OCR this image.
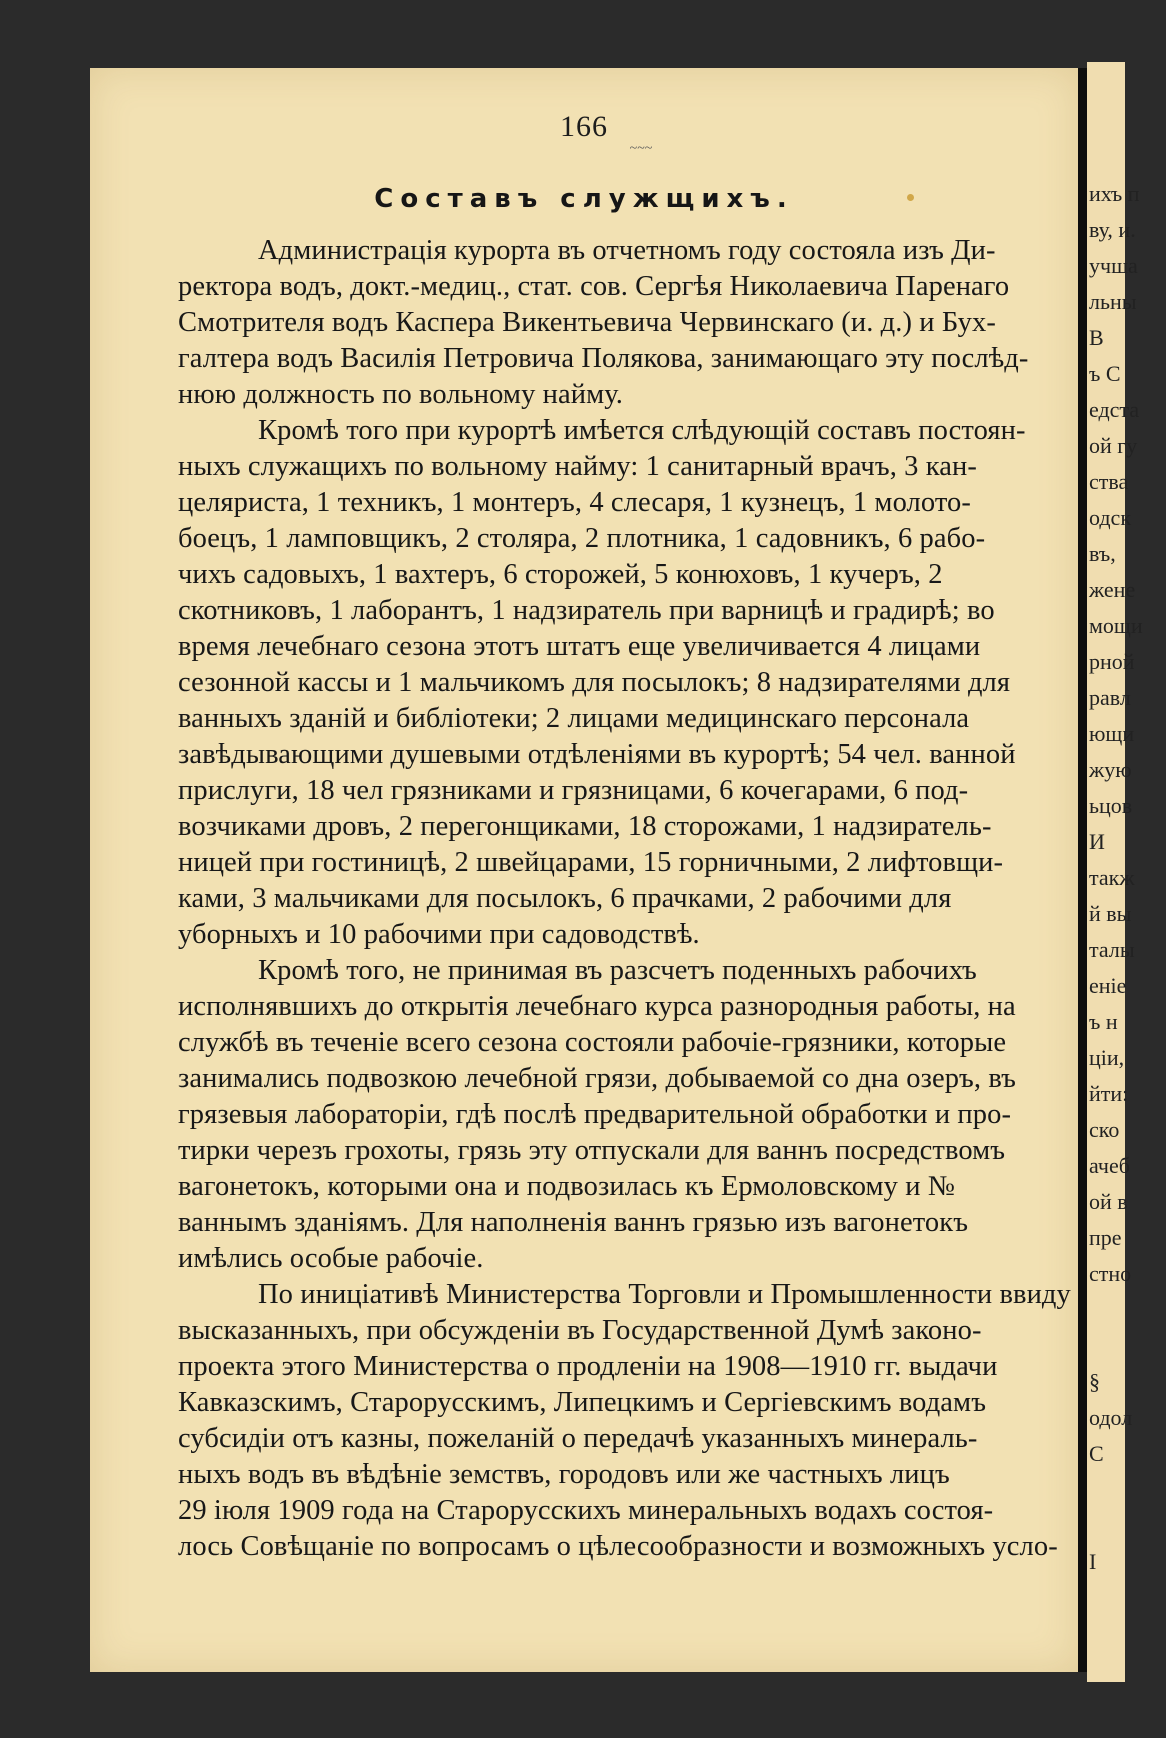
166
~~~
Составъ служщихъ.
Администрація курорта въ отчетномъ году состояла изъ Ди-
ректора водъ, докт.-медиц., стат. сов. Сергѣя Николаевича Паренаго
Смотрителя водъ Каспера Викентьевича Червинскаго (и. д.) и Бух-
галтера водъ Василія Петровича Полякова, занимающаго эту послѣд-
нюю должность по вольному найму.
Кромѣ того при курортѣ имѣется слѣдующій составъ постоян-
ныхъ служащихъ по вольному найму: 1 санитарный врачъ, 3 кан-
целяриста, 1 техникъ, 1 монтеръ, 4 слесаря, 1 кузнецъ, 1 молото-
боецъ, 1 ламповщикъ, 2 столяра, 2 плотника, 1 садовникъ, 6 рабо-
чихъ садовыхъ, 1 вахтеръ, 6 сторожей, 5 конюховъ, 1 кучеръ, 2
скотниковъ, 1 лаборантъ, 1 надзиратель при варницѣ и градирѣ; во
время лечебнаго сезона этотъ штатъ еще увеличивается 4 лицами
сезонной кассы и 1 мальчикомъ для посылокъ; 8 надзирателями для
ванныхъ зданій и библіотеки; 2 лицами медицинскаго персонала
завѣдывающими душевыми отдѣленіями въ курортѣ; 54 чел. ванной
прислуги, 18 чел грязниками и грязницами, 6 кочегарами, 6 под-
возчиками дровъ, 2 перегонщиками, 18 сторожами, 1 надзиратель-
ницей при гостиницѣ, 2 швейцарами, 15 горничными, 2 лифтовщи-
ками, 3 мальчиками для посылокъ, 6 прачками, 2 рабочими для
уборныхъ и 10 рабочими при садоводствѣ.
Кромѣ того, не принимая въ разсчетъ поденныхъ рабочихъ
исполнявшихъ до открытія лечебнаго курса разнородныя работы, на
службѣ въ теченіе всего сезона состояли рабочіе-грязники, которые
занимались подвозкою лечебной грязи, добываемой со дна озеръ, въ
грязевыя лабораторіи, гдѣ послѣ предварительной обработки и про-
тирки черезъ грохоты, грязь эту отпускали для ваннъ посредствомъ
вагонетокъ, которыми она и подвозилась къ Ермоловскому и №
ваннымъ зданіямъ. Для наполненія ваннъ грязью изъ вагонетокъ
имѣлись особые рабочіе.
По иниціативѣ Министерства Торговли и Промышленности ввиду
высказанныхъ, при обсужденіи въ Государственной Думѣ законо-
проекта этого Министерства о продленіи на 1908—1910 гг. выдачи
Кавказскимъ, Старорусскимъ, Липецкимъ и Сергіевскимъ водамъ
субсидіи отъ казны, пожеланій о передачѣ указанныхъ минераль-
ныхъ водъ въ вѣдѣніе земствъ, городовъ или же частныхъ лицъ
29 іюля 1909 года на Старорусскихъ минеральныхъ водахъ состоя-
лось Совѣщаніе по вопросамъ о цѣлесообразности и возможныхъ усло-
ихъ п
ву, и.
учша
льны
В
ъ С
едста
ой гу
ства
одск
въ,
жене
мощи
рной
равл
ющи
жую
ьцов
И
такж
й вы
талы
еніе
ъ н
ціи,
йти:
ско
ачеб
ой в
пре
стно
§
одол
С
І
